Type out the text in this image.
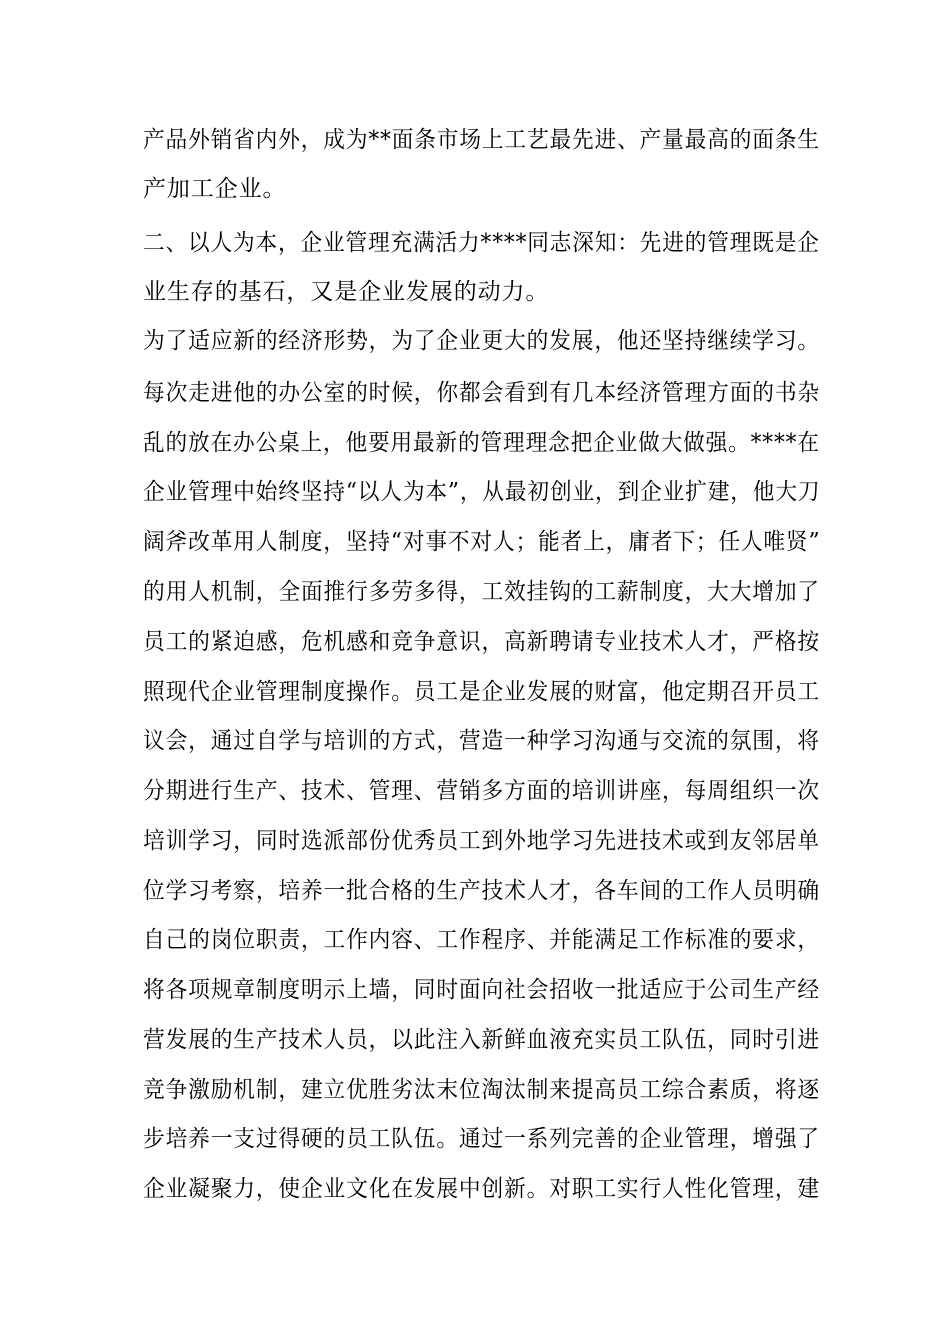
产品外销省内外，成为**面条市场上工艺最先进、产量最高的面条生
产加工企业。
二、以人为本，企业管理充满活力****同志深知：先进的管理既是企
业生存的基石，又是企业发展的动力。
为了适应新的经济形势，为了企业更大的发展，他还坚持继续学习。
每次走进他的办公室的时候，你都会看到有几本经济管理方面的书杂
乱的放在办公桌上，他要用最新的管理理念把企业做大做强。****在
企业管理中始终坚持“以人为本”，从最初创业，到企业扩建，他大刀
阔斧改革用人制度，坚持“对事不对人；能者上，庸者下；任人唯贤”
的用人机制，全面推行多劳多得，工效挂钩的工薪制度，大大增加了
员工的紧迫感，危机感和竞争意识，高新聘请专业技术人才，严格按
照现代企业管理制度操作。员工是企业发展的财富，他定期召开员工
议会，通过自学与培训的方式，营造一种学习沟通与交流的氛围，将
分期进行生产、技术、管理、营销多方面的培训讲座，每周组织一次
培训学习，同时选派部份优秀员工到外地学习先进技术或到友邻居单
位学习考察，培养一批合格的生产技术人才，各车间的工作人员明确
自己的岗位职责，工作内容、工作程序、并能满足工作标准的要求，
将各项规章制度明示上墙，同时面向社会招收一批适应于公司生产经
营发展的生产技术人员，以此注入新鲜血液充实员工队伍，同时引进
竞争激励机制，建立优胜劣汰末位淘汰制来提高员工综合素质，将逐
步培养一支过得硬的员工队伍。通过一系列完善的企业管理，增强了
企业凝聚力，使企业文化在发展中创新。对职工实行人性化管理，建
